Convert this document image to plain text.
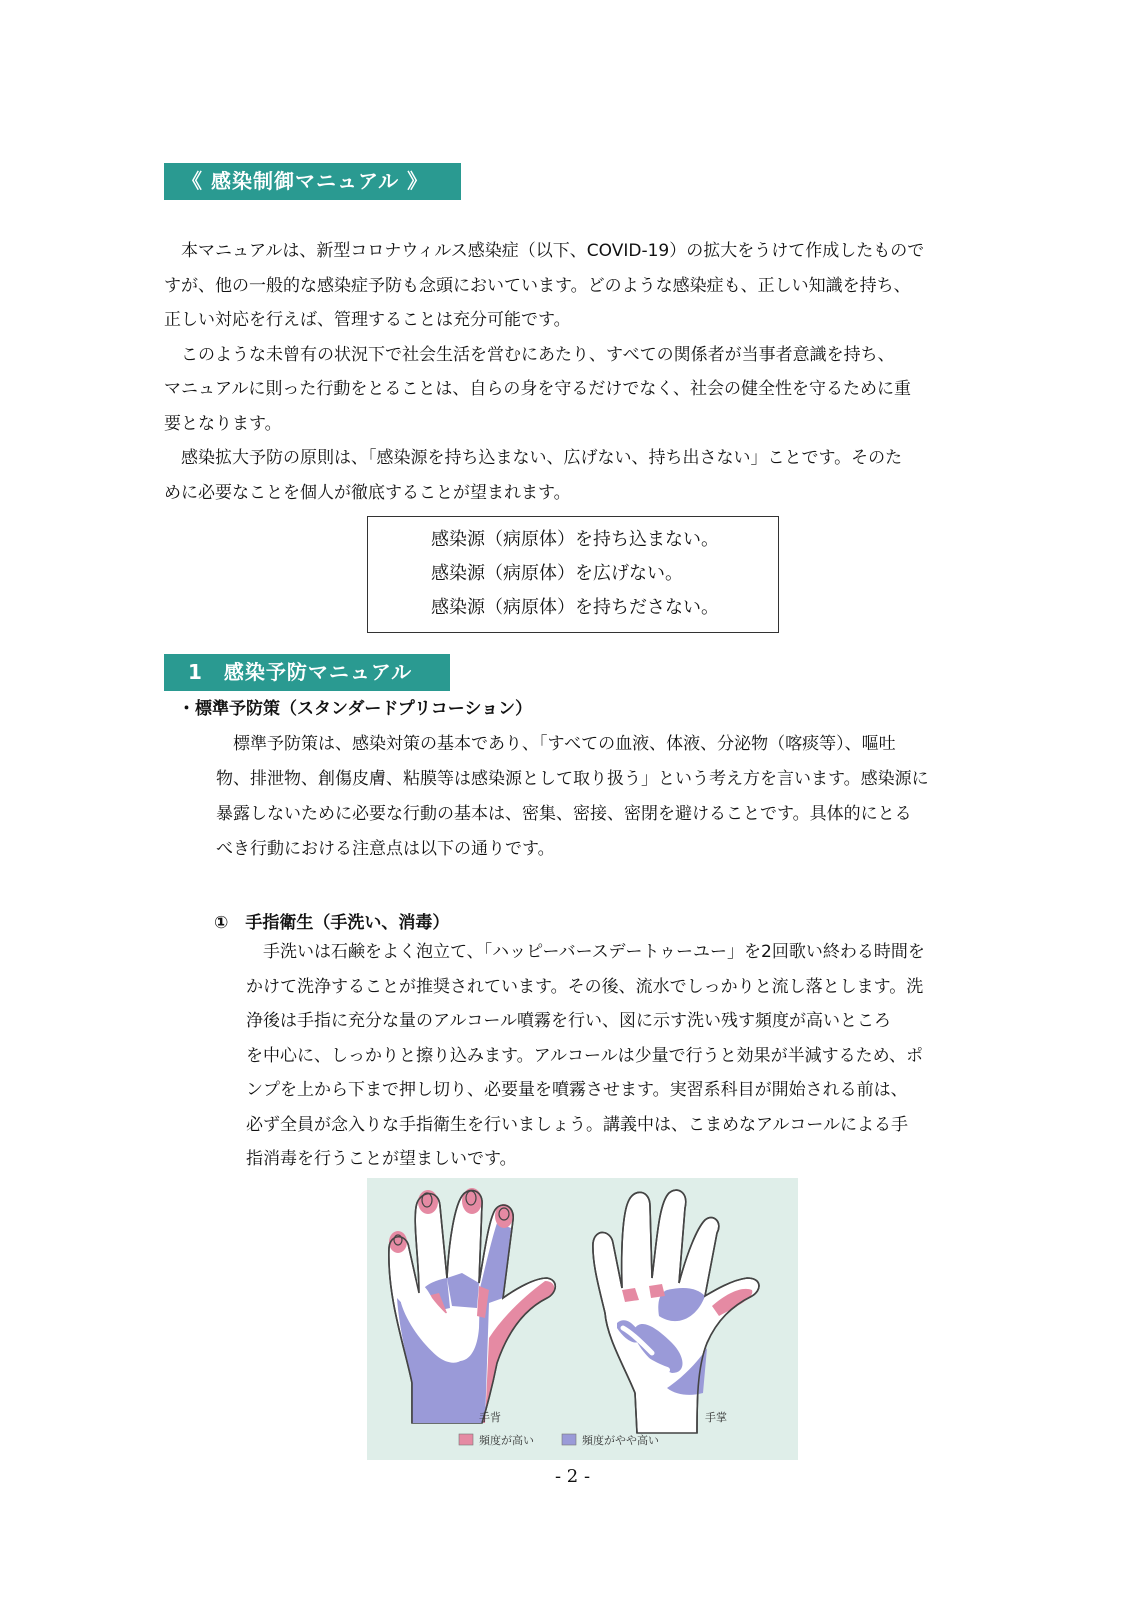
《 感染制御マニュアル 》

　本マニュアルは、新型コロナウィルス感染症（以下、COVID-19）の拡大をうけて作成したもので

すが、他の一般的な感染症予防も念頭においています。どのような感染症も、正しい知識を持ち、

正しい対応を行えば、管理することは充分可能です。

　このような未曾有の状況下で社会生活を営むにあたり、すべての関係者が当事者意識を持ち、

マニュアルに則った行動をとることは、自らの身を守るだけでなく、社会の健全性を守るために重

要となります。

　感染拡大予防の原則は、「感染源を持ち込まない、広げない、持ち出さない」ことです。そのた

めに必要なことを個人が徹底することが望まれます。

感染源（病原体）を持ち込まない。

感染源（病原体）を広げない。

感染源（病原体）を持ちださない。

1　感染予防マニュアル
・標準予防策（スタンダードプリコーション）

　標準予防策は、感染対策の基本であり、「すべての血液、体液、分泌物（喀痰等）、嘔吐

物、排泄物、創傷皮膚、粘膜等は感染源として取り扱う」という考え方を言います。感染源に

暴露しないために必要な行動の基本は、密集、密接、密閉を避けることです。具体的にとる

べき行動における注意点は以下の通りです。

①　手指衛生（手洗い、消毒）

　手洗いは石鹸をよく泡立て、「ハッピーバースデートゥーユー」を2回歌い終わる時間を

かけて洗浄することが推奨されています。その後、流水でしっかりと流し落とします。洗

浄後は手指に充分な量のアルコール噴霧を行い、図に示す洗い残す頻度が高いところ

を中心に、しっかりと擦り込みます。アルコールは少量で行うと効果が半減するため、ポ

ンプを上から下まで押し切り、必要量を噴霧させます。実習系科目が開始される前は、

必ず全員が念入りな手指衛生を行いましょう。講義中は、こまめなアルコールによる手

指消毒を行うことが望ましいです。

手背	手掌
頻度が高い	頻度がやや高い
- 2 -
